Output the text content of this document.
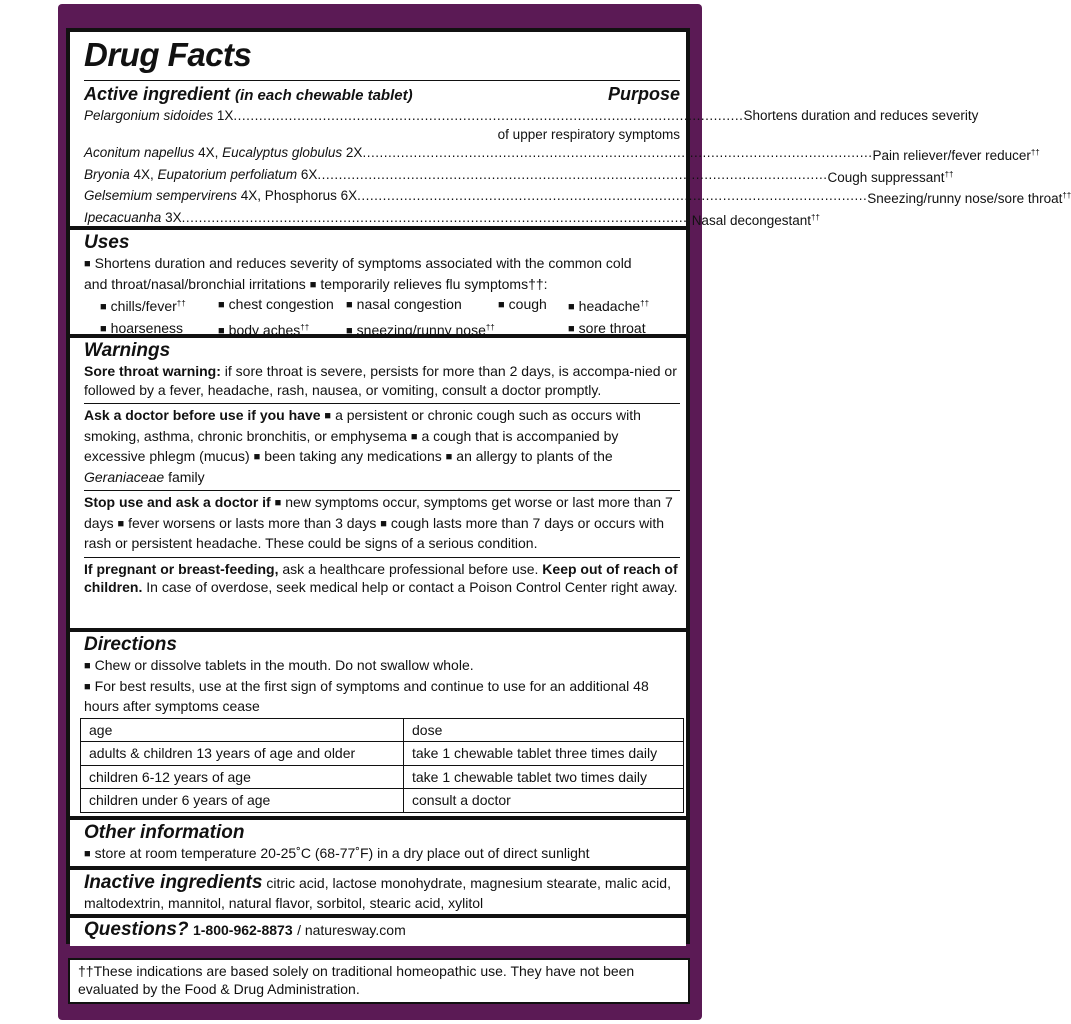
Drug Facts
Active ingredient (in each chewable tablet)	Purpose
Pelargonium sidoides 1X ........................................................................................................................ Shortens duration and reduces severity
of upper respiratory symptoms
Aconitum napellus 4X, Eucalyptus globulus 2X ........................................................................................................................ Pain reliever/fever reducer††
Bryonia 4X, Eupatorium perfoliatum 6X ........................................................................................................................ Cough suppressant††
Gelsemium sempervirens 4X, Phosphorus 6X ........................................................................................................................ Sneezing/runny nose/sore throat††
Ipecacuanha 3X ........................................................................................................................ Nasal decongestant††
Uses
■ Shortens duration and reduces severity of symptoms associated with the common cold
and throat/nasal/bronchial irritations ■ temporarily relieves flu symptoms††:
■ chills/fever††	■ chest congestion	■ nasal congestion	■ cough	■ headache††
■ hoarseness	■ body aches††	■ sneezing/runny nose††	■ sore throat
Warnings
Sore throat warning: if sore throat is severe, persists for more than 2 days, is accompa-nied or followed by a fever, headache, rash, nausea, or vomiting, consult a doctor promptly.
Ask a doctor before use if you have ■ a persistent or chronic cough such as occurs with smoking, asthma, chronic bronchitis, or emphysema ■ a cough that is accompanied by excessive phlegm (mucus) ■ been taking any medications ■ an allergy to plants of the Geraniaceae family
Stop use and ask a doctor if ■ new symptoms occur, symptoms get worse or last more than 7 days ■ fever worsens or lasts more than 3 days ■ cough lasts more than 7 days or occurs with rash or persistent headache. These could be signs of a serious condition.
If pregnant or breast-feeding, ask a healthcare professional before use. Keep out of reach of children. In case of overdose, seek medical help or contact a Poison Control Center right away.
Directions
■ Chew or dissolve tablets in the mouth. Do not swallow whole.
■ For best results, use at the first sign of symptoms and continue to use for an additional 48 hours after symptoms cease
age	dose
adults & children 13 years of age and older	take 1 chewable tablet three times daily
children 6-12 years of age	take 1 chewable tablet two times daily
children under 6 years of age	consult a doctor
Other information
■ store at room temperature 20-25˚C (68-77˚F) in a dry place out of direct sunlight
Inactive ingredients citric acid, lactose monohydrate, magnesium stearate, malic acid, maltodextrin, mannitol, natural flavor, sorbitol, stearic acid, xylitol
Questions? 1-800-962-8873 / naturesway.com
††These indications are based solely on traditional homeopathic use. They have not been evaluated by the Food & Drug Administration.
